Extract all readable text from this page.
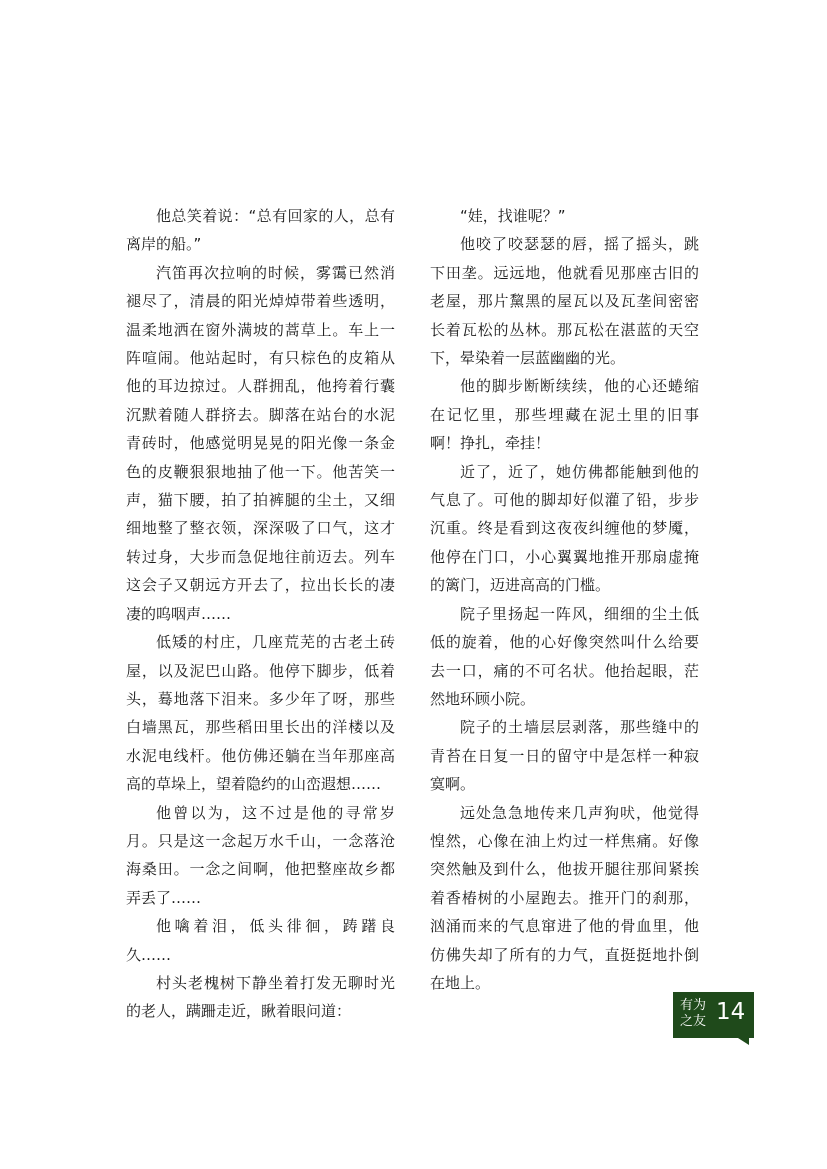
他总笑着说：“总有回家的人，总有离岸的船。”

汽笛再次拉响的时候，雾霭已然消褪尽了，清晨的阳光焯焯带着些透明，温柔地洒在窗外满坡的蒿草上。车上一阵喧闹。他站起时，有只棕色的皮箱从他的耳边掠过。人群拥乱，他挎着行囊沉默着随人群挤去。脚落在站台的水泥青砖时，他感觉明晃晃的阳光像一条金色的皮鞭狠狠地抽了他一下。他苦笑一声，猫下腰，拍了拍裤腿的尘土，又细细地整了整衣领，深深吸了口气，这才转过身，大步而急促地往前迈去。列车这会子又朝远方开去了，拉出长长的凄凄的呜咽声……

低矮的村庄，几座荒芜的古老土砖屋，以及泥巴山路。他停下脚步，低着头，蓦地落下泪来。多少年了呀，那些白墙黑瓦，那些稻田里长出的洋楼以及水泥电线杆。他仿佛还躺在当年那座高高的草垛上，望着隐约的山峦遐想……

他曾以为，这不过是他的寻常岁月。只是这一念起万水千山，一念落沧海桑田。一念之间啊，他把整座故乡都弄丢了……

他噙着泪，低头徘徊，踌躇良久……

村头老槐树下静坐着打发无聊时光的老人，蹒跚走近，瞅着眼问道：

“娃，找谁呢？”

他咬了咬瑟瑟的唇，摇了摇头，跳下田垄。远远地，他就看见那座古旧的老屋，那片黧黑的屋瓦以及瓦垄间密密长着瓦松的丛林。那瓦松在湛蓝的天空下，晕染着一层蓝幽幽的光。

他的脚步断断续续，他的心还蜷缩在记忆里，那些埋藏在泥土里的旧事啊！挣扎，牵挂！

近了，近了，她仿佛都能触到他的气息了。可他的脚却好似灌了铅，步步沉重。终是看到这夜夜纠缠他的梦魇，他停在门口，小心翼翼地推开那扇虚掩的篱门，迈进高高的门槛。

院子里扬起一阵风，细细的尘土低低的旋着，他的心好像突然叫什么给要去一口，痛的不可名状。他抬起眼，茫然地环顾小院。

院子的土墙层层剥落，那些缝中的青苔在日复一日的留守中是怎样一种寂寞啊。

远处急急地传来几声狗吠，他觉得惶然，心像在油上灼过一样焦痛。好像突然触及到什么，他拔开腿往那间紧挨着香椿树的小屋跑去。推开门的刹那，汹涌而来的气息窜进了他的骨血里，他仿佛失却了所有的力气，直挺挺地扑倒在地上。

有为
之友 14
